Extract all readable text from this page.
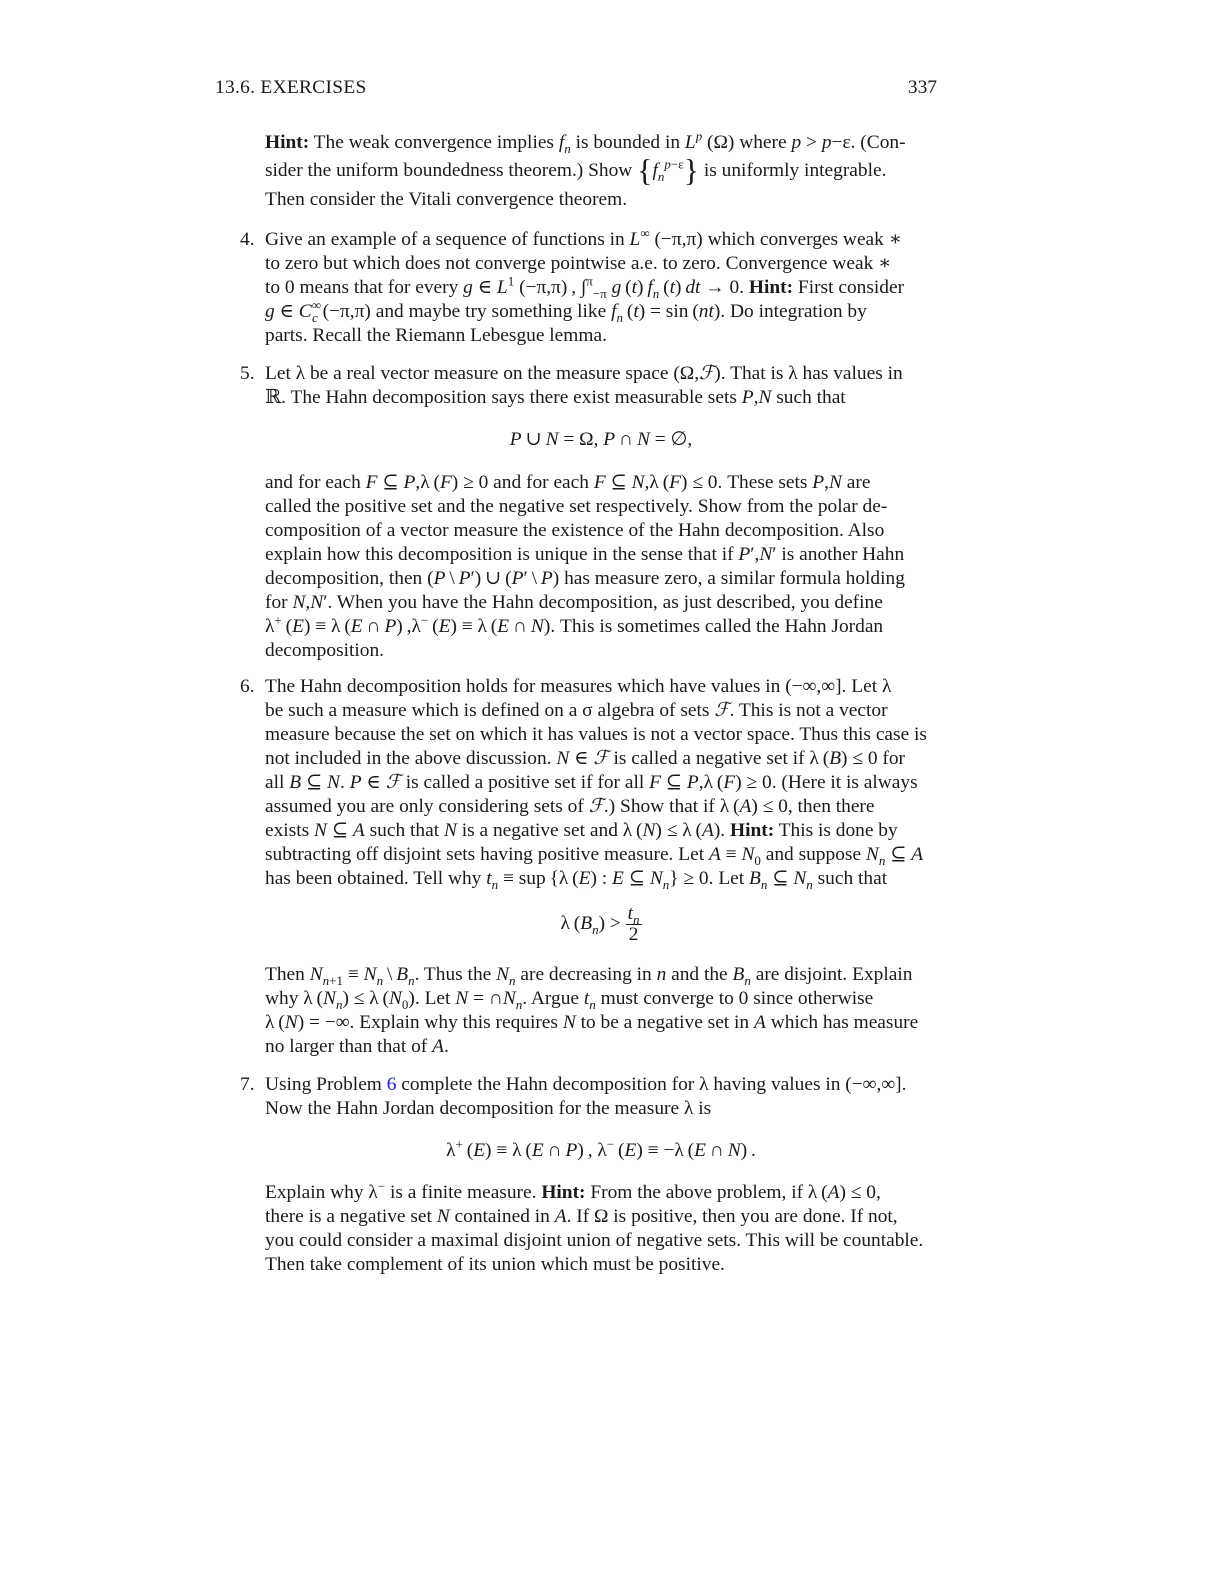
13.6. EXERCISES	337

Hint: The weak convergence implies $f_n$ is bounded in $L^p$ (Ω) where p > p−ε. (Con-

sider the uniform boundedness theorem.) Show $\{f_n^{p-\varepsilon}\}$ is uniformly integrable.

Then consider the Vitali convergence theorem.

4. Give an example of a sequence of functions in L∞ (−π,π) which converges weak ∗

to zero but which does not converge pointwise a.e. to zero. Convergence weak ∗

to 0 means that for every g ∈ $L^1$ (−π,π) , ∫$^\pi_{-\pi}$ g (t) $f_n$ (t) dt → 0. Hint: First consider

g ∈ $C^\infty_c$ (−π,π) and maybe try something like $f_n$ (t) = sin (nt). Do integration by

parts. Recall the Riemann Lebesgue lemma.

5. Let λ be a real vector measure on the measure space (Ω,ℱ). That is λ has values in

ℝ. The Hahn decomposition says there exist measurable sets P,N such that

P ∪ N = Ω, P ∩ N = ∅,

and for each F ⊆ P,λ (F) ≥ 0 and for each F ⊆ N,λ (F) ≤ 0. These sets P,N are

called the positive set and the negative set respectively. Show from the polar de-

composition of a vector measure the existence of the Hahn decomposition. Also

explain how this decomposition is unique in the sense that if P′,N′ is another Hahn

decomposition, then (P \ P′) ∪ (P′ \ P) has measure zero, a similar formula holding

for N,N′. When you have the Hahn decomposition, as just described, you define

λ+ (E) ≡ λ (E ∩ P) ,λ− (E) ≡ λ (E ∩ N). This is sometimes called the Hahn Jordan

decomposition.

6. The Hahn decomposition holds for measures which have values in (−∞,∞]. Let λ

be such a measure which is defined on a σ algebra of sets ℱ. This is not a vector

measure because the set on which it has values is not a vector space. Thus this case is

not included in the above discussion. N ∈ ℱ is called a negative set if λ (B) ≤ 0 for

all B ⊆ N. P ∈ ℱ is called a positive set if for all F ⊆ P,λ (F) ≥ 0. (Here it is always

assumed you are only considering sets of ℱ.) Show that if λ (A) ≤ 0, then there

exists N ⊆ A such that N is a negative set and λ (N) ≤ λ (A). Hint: This is done by

subtracting off disjoint sets having positive measure. Let $A \equiv N_0$ and suppose $N_n$ ⊆ A

has been obtained. Tell why $t_n$ ≡ sup {λ (E) : E ⊆ $N_n\} \ge 0$. Let $B_n$ ⊆ $N_n$ such that

λ $(B_n) > \frac{t_n}{2}$

Then $N_{n+1} \equiv N_n$ \ $B_n$. Thus the $N_n$ are decreasing in n and the $B_n$ are disjoint. Explain

why λ $(N_n) \le \lambda$ $(N_0)$. Let $N = \cap N_n$. Argue $t_n$ must converge to 0 since otherwise

λ (N) = −∞. Explain why this requires N to be a negative set in A which has measure

no larger than that of A.

7. Using Problem 6 complete the Hahn decomposition for λ having values in (−∞,∞].

Now the Hahn Jordan decomposition for the measure λ is

λ+ (E) ≡ λ (E ∩ P) , λ− (E) ≡ −λ (E ∩ N) .

Explain why λ− is a finite measure. Hint: From the above problem, if λ (A) ≤ 0,

there is a negative set N contained in A. If Ω is positive, then you are done. If not,

you could consider a maximal disjoint union of negative sets. This will be countable.

Then take complement of its union which must be positive.
